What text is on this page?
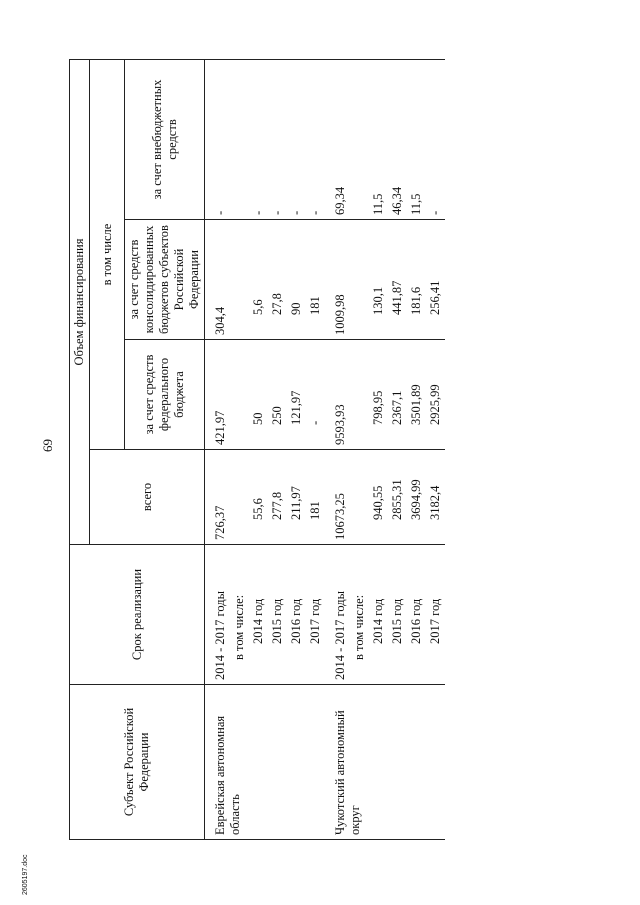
69
2605197.doc
Субъект Российской Федерации	Срок реализации	Объем финансирования			
		всего	в том числе		
			за счет средств федерального бюджета	за счет средств консолидированных бюджетов субъектов Российской Федерации	за счет внебюджетных средств
Еврейская автономная область	2014 - 2017 годы	726,37	421,97	304,4	-
	в том числе:				
	2014 год	55,6	50	5,6	-
	2015 год	277,8	250	27,8	-
	2016 год	211,97	121,97	90	-
	2017 год	181	-	181	-
Чукотский автономный округ	2014 - 2017 годы	10673,25	9593,93	1009,98	69,34
	в том числе:				
	2014 год	940,55	798,95	130,1	11,5
	2015 год	2855,31	2367,1	441,87	46,34
	2016 год	3694,99	3501,89	181,6	11,5
	2017 год	3182,4	2925,99	256,41	-
